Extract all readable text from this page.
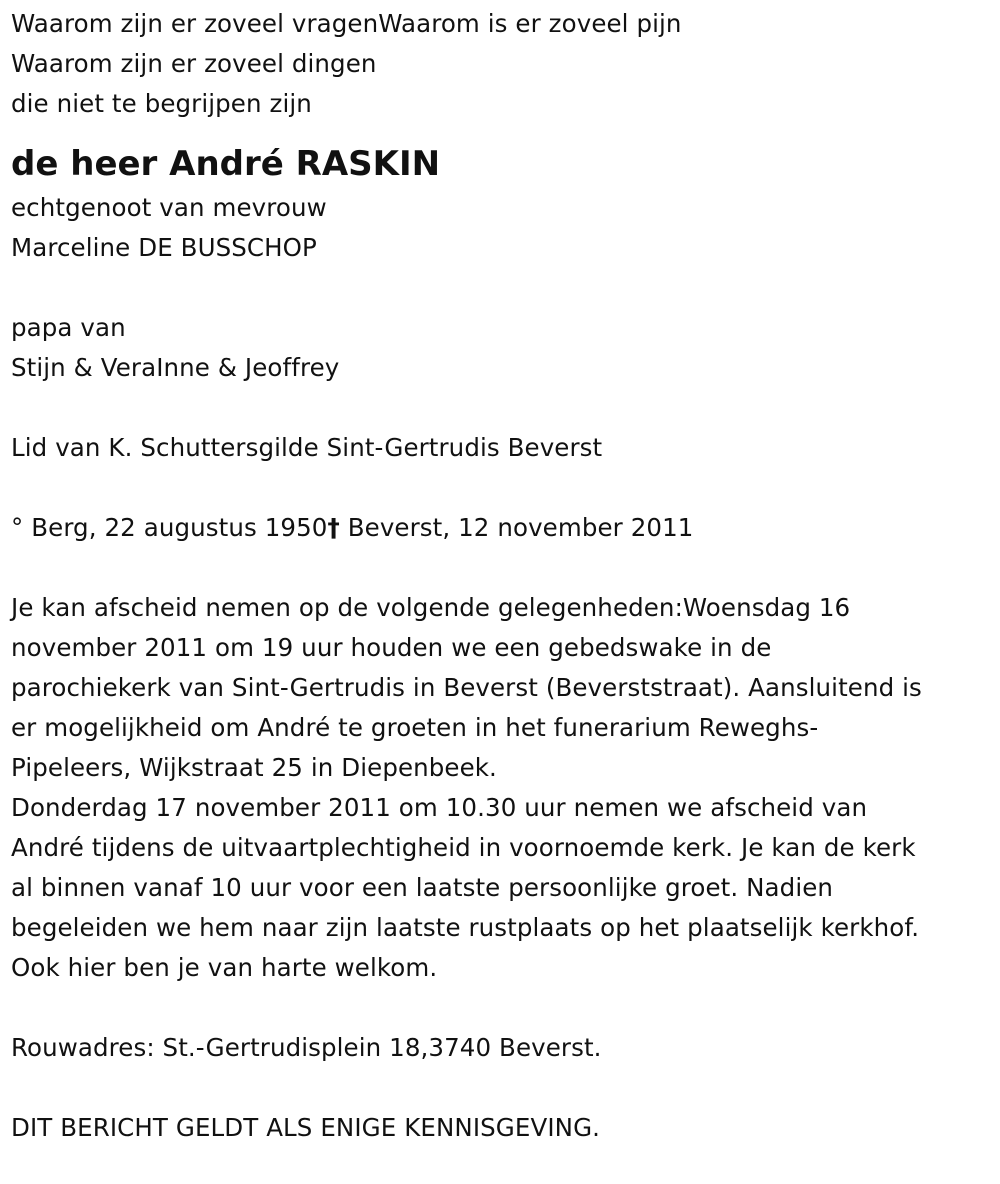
Waarom zijn er zoveel vragenWaarom is er zoveel pijn
Waarom zijn er zoveel dingen
die niet te begrijpen zijn
de heer André RASKIN
echtgenoot van mevrouw
Marceline DE BUSSCHOP
papa van
Stijn & VeraInne & Jeoffrey
Lid van K. Schuttersgilde Sint-Gertrudis Beverst
° Berg, 22 augustus 1950† Beverst, 12 november 2011
Je kan afscheid nemen op de volgende gelegenheden:Woensdag 16
november 2011 om 19 uur houden we een gebedswake in de
parochiekerk van Sint-Gertrudis in Beverst (Beverststraat). Aansluitend is
er mogelijkheid om André te groeten in het funerarium Reweghs-
Pipeleers, Wijkstraat 25 in Diepenbeek.
Donderdag 17 november 2011 om 10.30 uur nemen we afscheid van
André tijdens de uitvaartplechtigheid in voornoemde kerk. Je kan de kerk
al binnen vanaf 10 uur voor een laatste persoonlijke groet. Nadien
begeleiden we hem naar zijn laatste rustplaats op het plaatselijk kerkhof.
Ook hier ben je van harte welkom.
Rouwadres: St.-Gertrudisplein 18,3740 Beverst.
DIT BERICHT GELDT ALS ENIGE KENNISGEVING.
